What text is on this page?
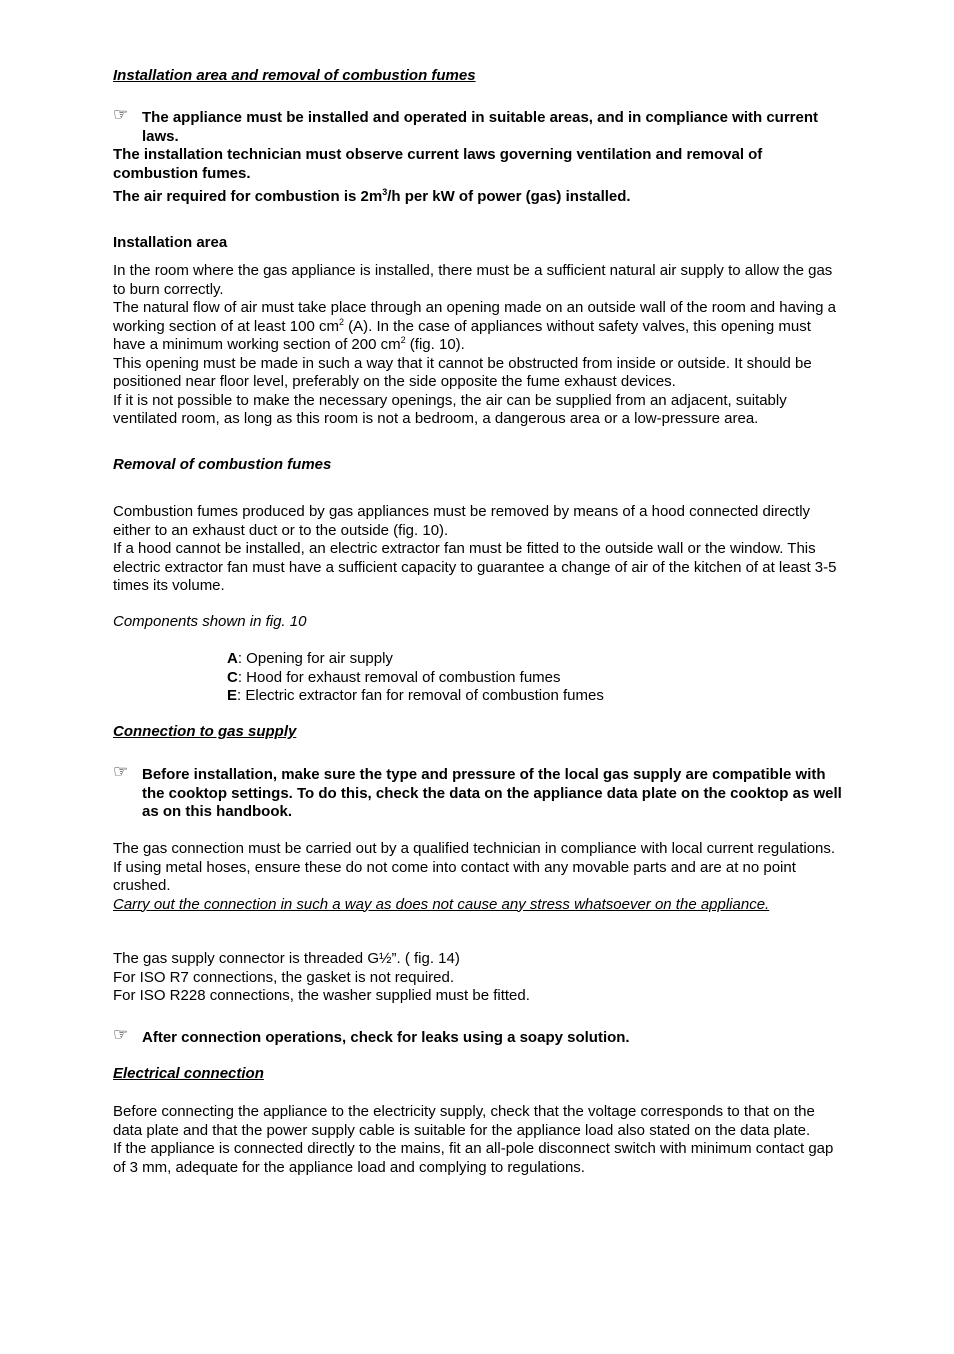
Installation area and removal of combustion fumes
☞ The appliance must be installed and operated in suitable areas, and in compliance with current laws.
The installation technician must observe current laws governing ventilation and removal of combustion fumes.
The air required for combustion is $2m^3/h$ per kW of power (gas) installed.
Installation area

In the room where the gas appliance is installed, there must be a sufficient natural air supply to allow the gas to burn correctly.

The natural flow of air must take place through an opening made on an outside wall of the room and having a working section of at least 100 $cm^2$ (A). In the case of appliances without safety valves, this opening must have a minimum working section of 200 $cm^2$ (fig. 10).

This opening must be made in such a way that it cannot be obstructed from inside or outside. It should be positioned near floor level, preferably on the side opposite the fume exhaust devices.

If it is not possible to make the necessary openings, the air can be supplied from an adjacent, suitably ventilated room, as long as this room is not a bedroom, a dangerous area or a low-pressure area.

Removal of combustion fumes

Combustion fumes produced by gas appliances must be removed by means of a hood connected directly either to an exhaust duct or to the outside (fig. 10).

If a hood cannot be installed, an electric extractor fan must be fitted to the outside wall or the window. This electric extractor fan must have a sufficient capacity to guarantee a change of air of the kitchen of at least 3-5 times its volume.

Components shown in fig. 10

A: Opening for air supply

C: Hood for exhaust removal of combustion fumes

E: Electric extractor fan for removal of combustion fumes

Connection to gas supply
☞ Before installation, make sure the type and pressure of the local gas supply are compatible with the cooktop settings. To do this, check the data on the appliance data plate on the cooktop as well as on this handbook.

The gas connection must be carried out by a qualified technician in compliance with local current regulations.

If using metal hoses, ensure these do not come into contact with any movable parts and are at no point crushed.

Carry out the connection in such a way as does not cause any stress whatsoever on the appliance.

The gas supply connector is threaded G½”. ( fig. 14)

For ISO R7 connections, the gasket is not required.

For ISO R228 connections, the washer supplied must be fitted.

☞ After connection operations, check for leaks using a soapy solution.
Electrical connection

Before connecting the appliance to the electricity supply, check that the voltage corresponds to that on the data plate and that the power supply cable is suitable for the appliance load also stated on the data plate.

If the appliance is connected directly to the mains, fit an all-pole disconnect switch with minimum contact gap of 3 mm, adequate for the appliance load and complying to regulations.
